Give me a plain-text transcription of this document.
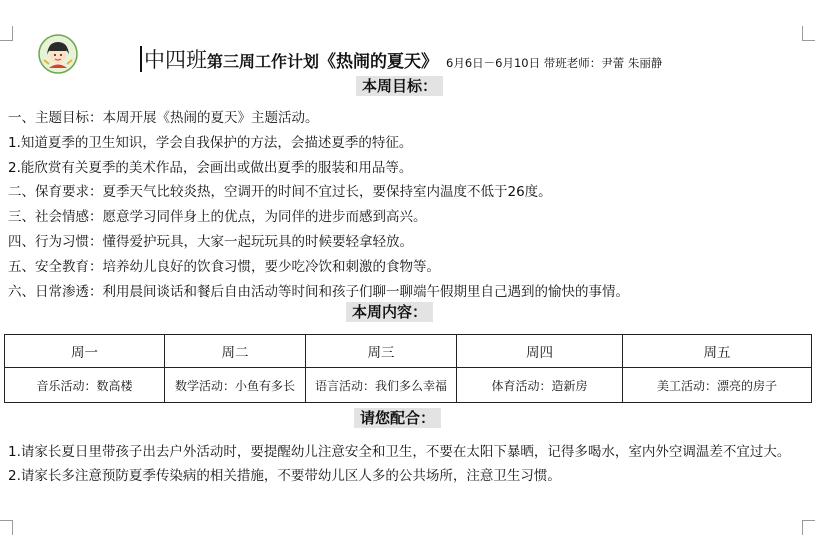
中四班 第三周工作计划 《热闹的夏天》 6月6日－6月10日 带班老师：尹蕾 朱丽静
本周目标：
一、主题目标：本周开展《热闹的夏天》主题活动。
1.知道夏季的卫生知识，学会自我保护的方法，会描述夏季的特征。
2.能欣赏有关夏季的美术作品，会画出或做出夏季的服装和用品等。
二、保育要求：夏季天气比较炎热，空调开的时间不宜过长，要保持室内温度不低于26度。
三、社会情感：愿意学习同伴身上的优点，为同伴的进步而感到高兴。
四、行为习惯：懂得爱护玩具，大家一起玩玩具的时候要轻拿轻放。
五、安全教育：培养幼儿良好的饮食习惯，要少吃冷饮和刺激的食物等。
六、日常渗透：利用晨间谈话和餐后自由活动等时间和孩子们聊一聊端午假期里自己遇到的愉快的事情。
本周内容：
周一	周二	周三	周四	周五
音乐活动：数高楼	数学活动：小鱼有多长	语言活动：我们多么幸福	体育活动：造新房	美工活动：漂亮的房子
请您配合：
1.请家长夏日里带孩子出去户外活动时，要提醒幼儿注意安全和卫生，不要在太阳下暴晒，记得多喝水，室内外空调温差不宜过大。
2.请家长多注意预防夏季传染病的相关措施，不要带幼儿区人多的公共场所，注意卫生习惯。
